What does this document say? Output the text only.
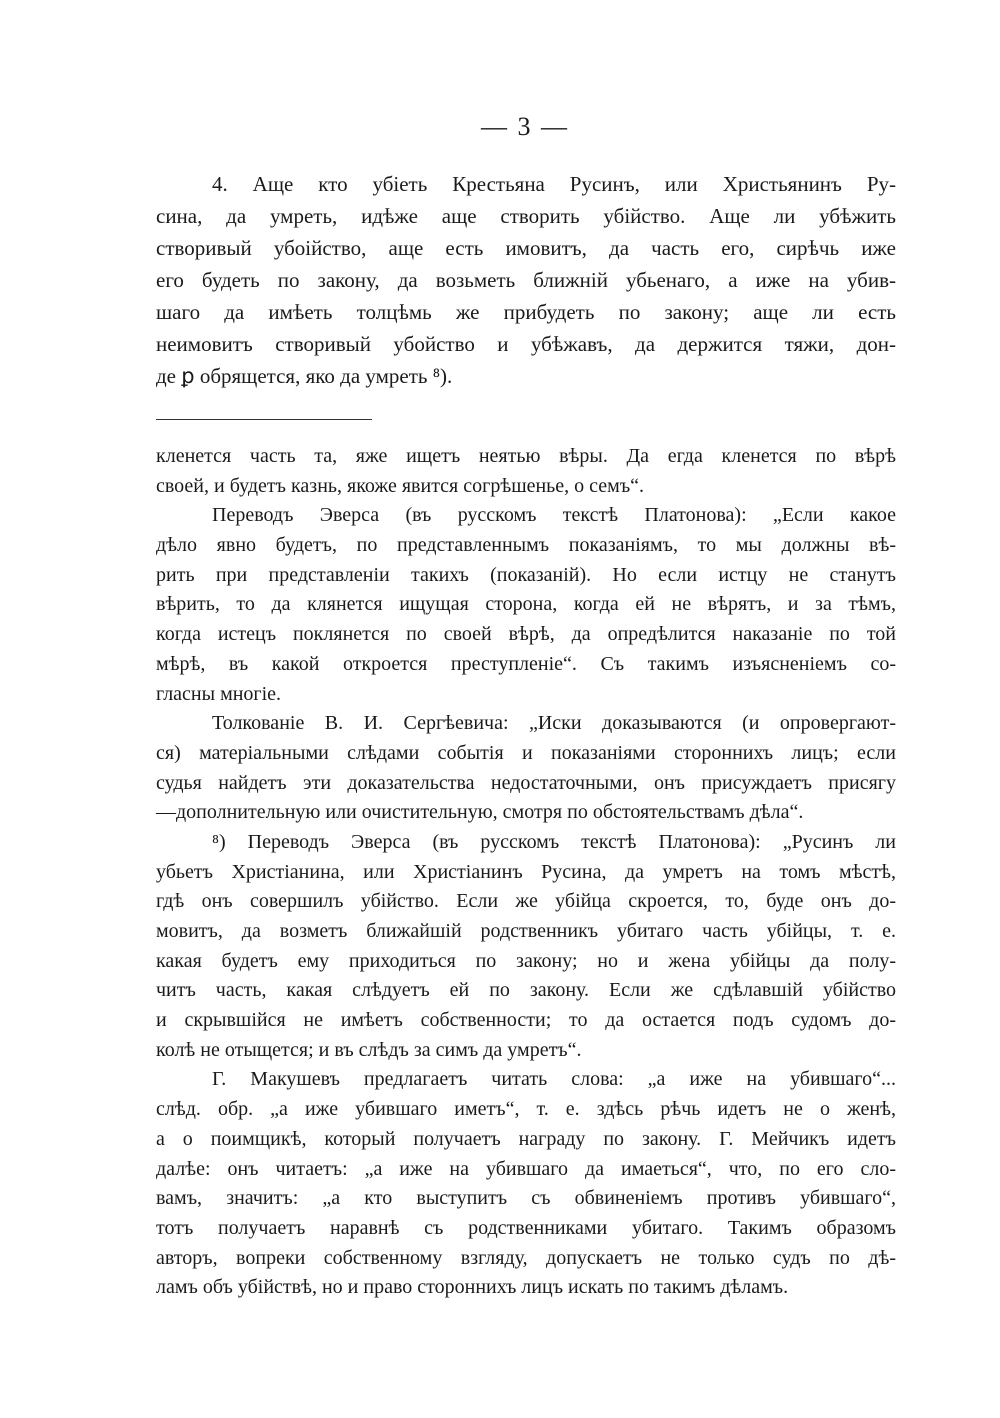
— 3 —
4. Аще кто убіеть Крестьяна Русинъ, или Христьянинъ Ру-
сина, да умреть, идѣже аще створить убійство. Аще ли убѣжить
створивый убоійство, аще есть имовитъ, да часть его, сирѣчь иже
его будеть по закону, да возьметь ближній убьенаго, а иже на убив-
шаго да имѣеть толцѣмь же прибудеть по закону; аще ли есть
неимовитъ створивый убойство и убѣжавъ, да держится тяжи, дон-
де ꝑ обрящется, яко да умреть ⁸).
кленется часть та, яже ищетъ неятью вѣры. Да егда кленется по вѣрѣ
своей, и будетъ казнь, якоже явится согрѣшенье, о семъ“.
Переводъ Эверса (въ русскомъ текстѣ Платонова): „Если какое
дѣло явно будетъ, по представленнымъ показаніямъ, то мы должны вѣ-
рить при представленіи такихъ (показаній). Но если истцу не станутъ
вѣрить, то да клянется ищущая сторона, когда ей не вѣрятъ, и за тѣмъ,
когда истецъ поклянется по своей вѣрѣ, да опредѣлится наказаніе по той
мѣрѣ, въ какой откроется преступленіе“. Съ такимъ изъясненіемъ со-
гласны многіе.
Толкованіе В. И. Сергѣевича: „Иски доказываются (и опровергают-
ся) матеріальными слѣдами событія и показаніями стороннихъ лицъ; если
судья найдетъ эти доказательства недостаточными, онъ присуждаетъ присягу
—дополнительную или очистительную, смотря по обстоятельствамъ дѣла“.
⁸) Переводъ Эверса (въ русскомъ текстѣ Платонова): „Русинъ ли
убьетъ Христіанина, или Христіанинъ Русина, да умретъ на томъ мѣстѣ,
гдѣ онъ совершилъ убійство. Если же убійца скроется, то, буде онъ до-
мовитъ, да возметъ ближайшій родственникъ убитаго часть убійцы, т. е.
какая будетъ ему приходиться по закону; но и жена убійцы да полу-
читъ часть, какая слѣдуетъ ей по закону. Если же сдѣлавшій убійство
и скрывшійся не имѣетъ собственности; то да остается подъ судомъ до-
колѣ не отыщется; и въ слѣдъ за симъ да умретъ“.
Г. Макушевъ предлагаетъ читать слова: „а иже на убившаго“...
слѣд. обр. „а иже убившаго иметъ“, т. е. здѣсь рѣчь идетъ не о женѣ,
а о поимщикѣ, который получаетъ награду по закону. Г. Мейчикъ идетъ
далѣе: онъ читаетъ: „а иже на убившаго да имаеться“, что, по его сло-
вамъ, значитъ: „а кто выступитъ съ обвиненіемъ противъ убившаго“,
тотъ получаетъ наравнѣ съ родственниками убитаго. Такимъ образомъ
авторъ, вопреки собственному взгляду, допускаетъ не только судъ по дѣ-
ламъ объ убійствѣ, но и право стороннихъ лицъ искать по такимъ дѣламъ.
